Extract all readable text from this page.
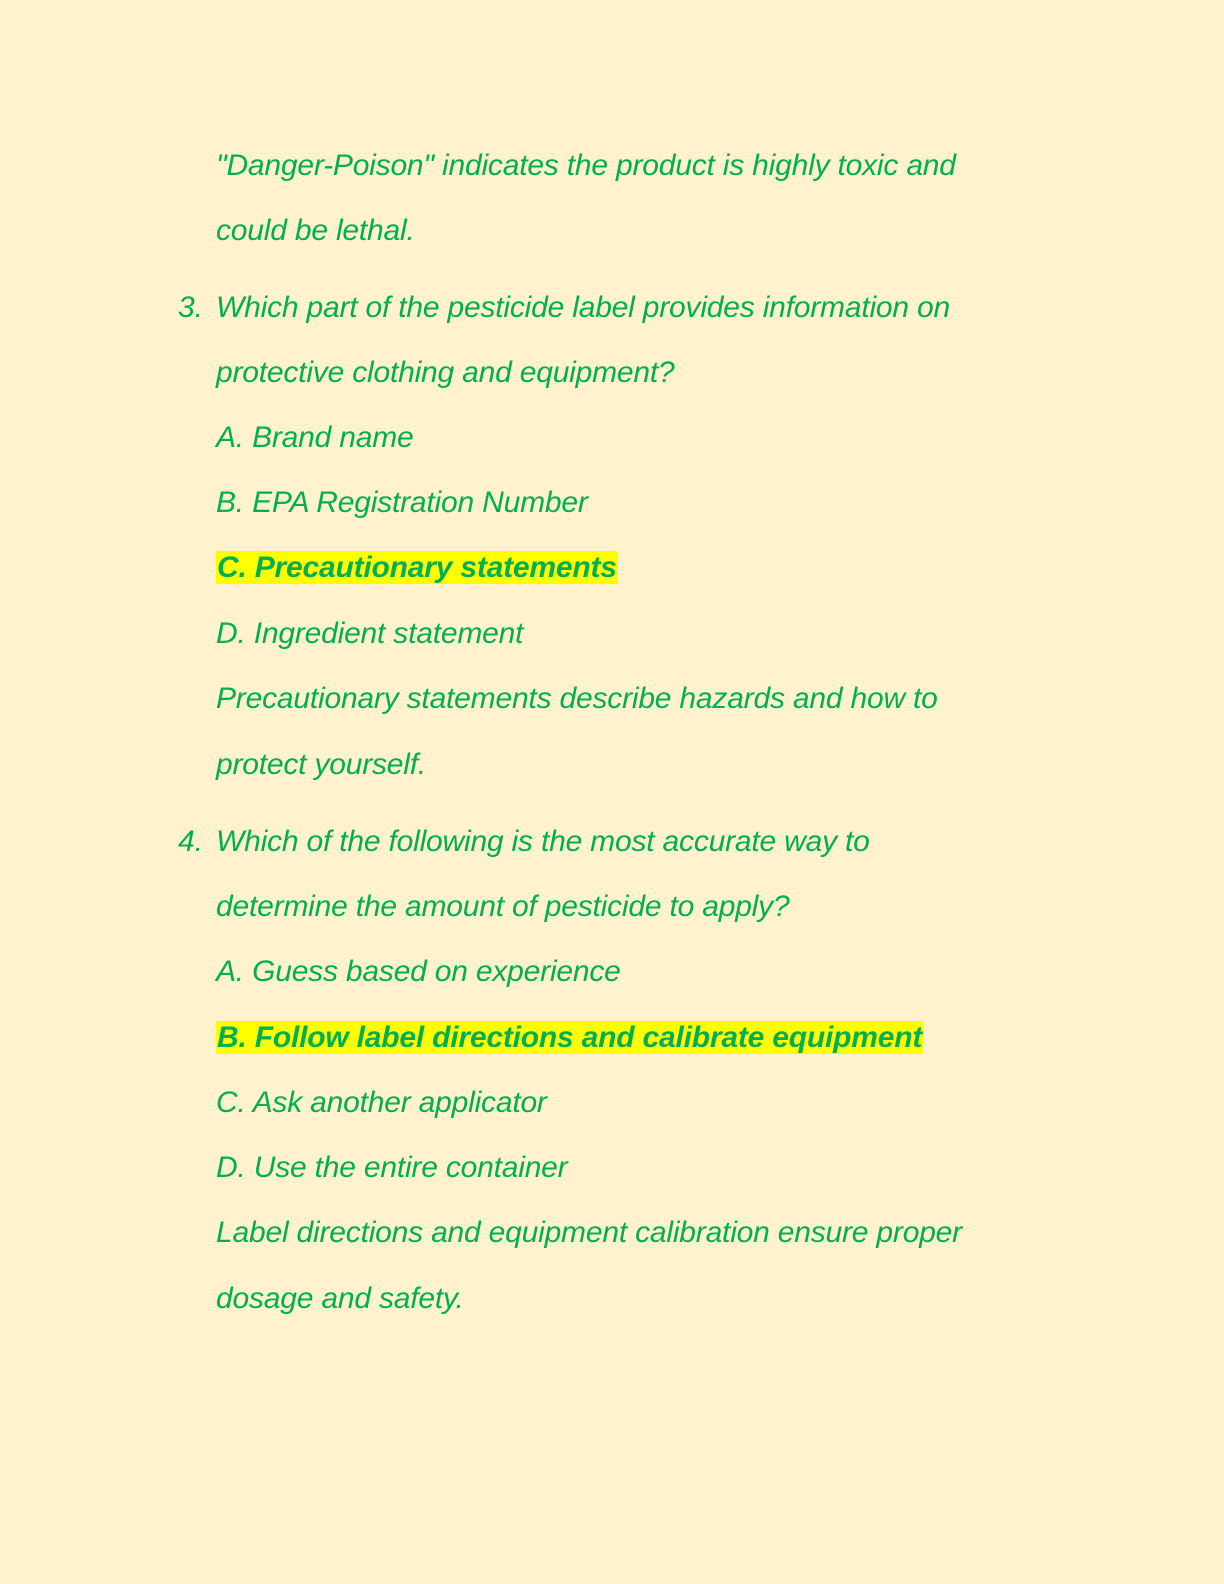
"Danger-Poison" indicates the product is highly toxic and
could be lethal.
3. Which part of the pesticide label provides information on
protective clothing and equipment?
A. Brand name
B. EPA Registration Number
C. Precautionary statements
D. Ingredient statement
Precautionary statements describe hazards and how to
protect yourself.
4. Which of the following is the most accurate way to
determine the amount of pesticide to apply?
A. Guess based on experience
B. Follow label directions and calibrate equipment
C. Ask another applicator
D. Use the entire container
Label directions and equipment calibration ensure proper
dosage and safety.
